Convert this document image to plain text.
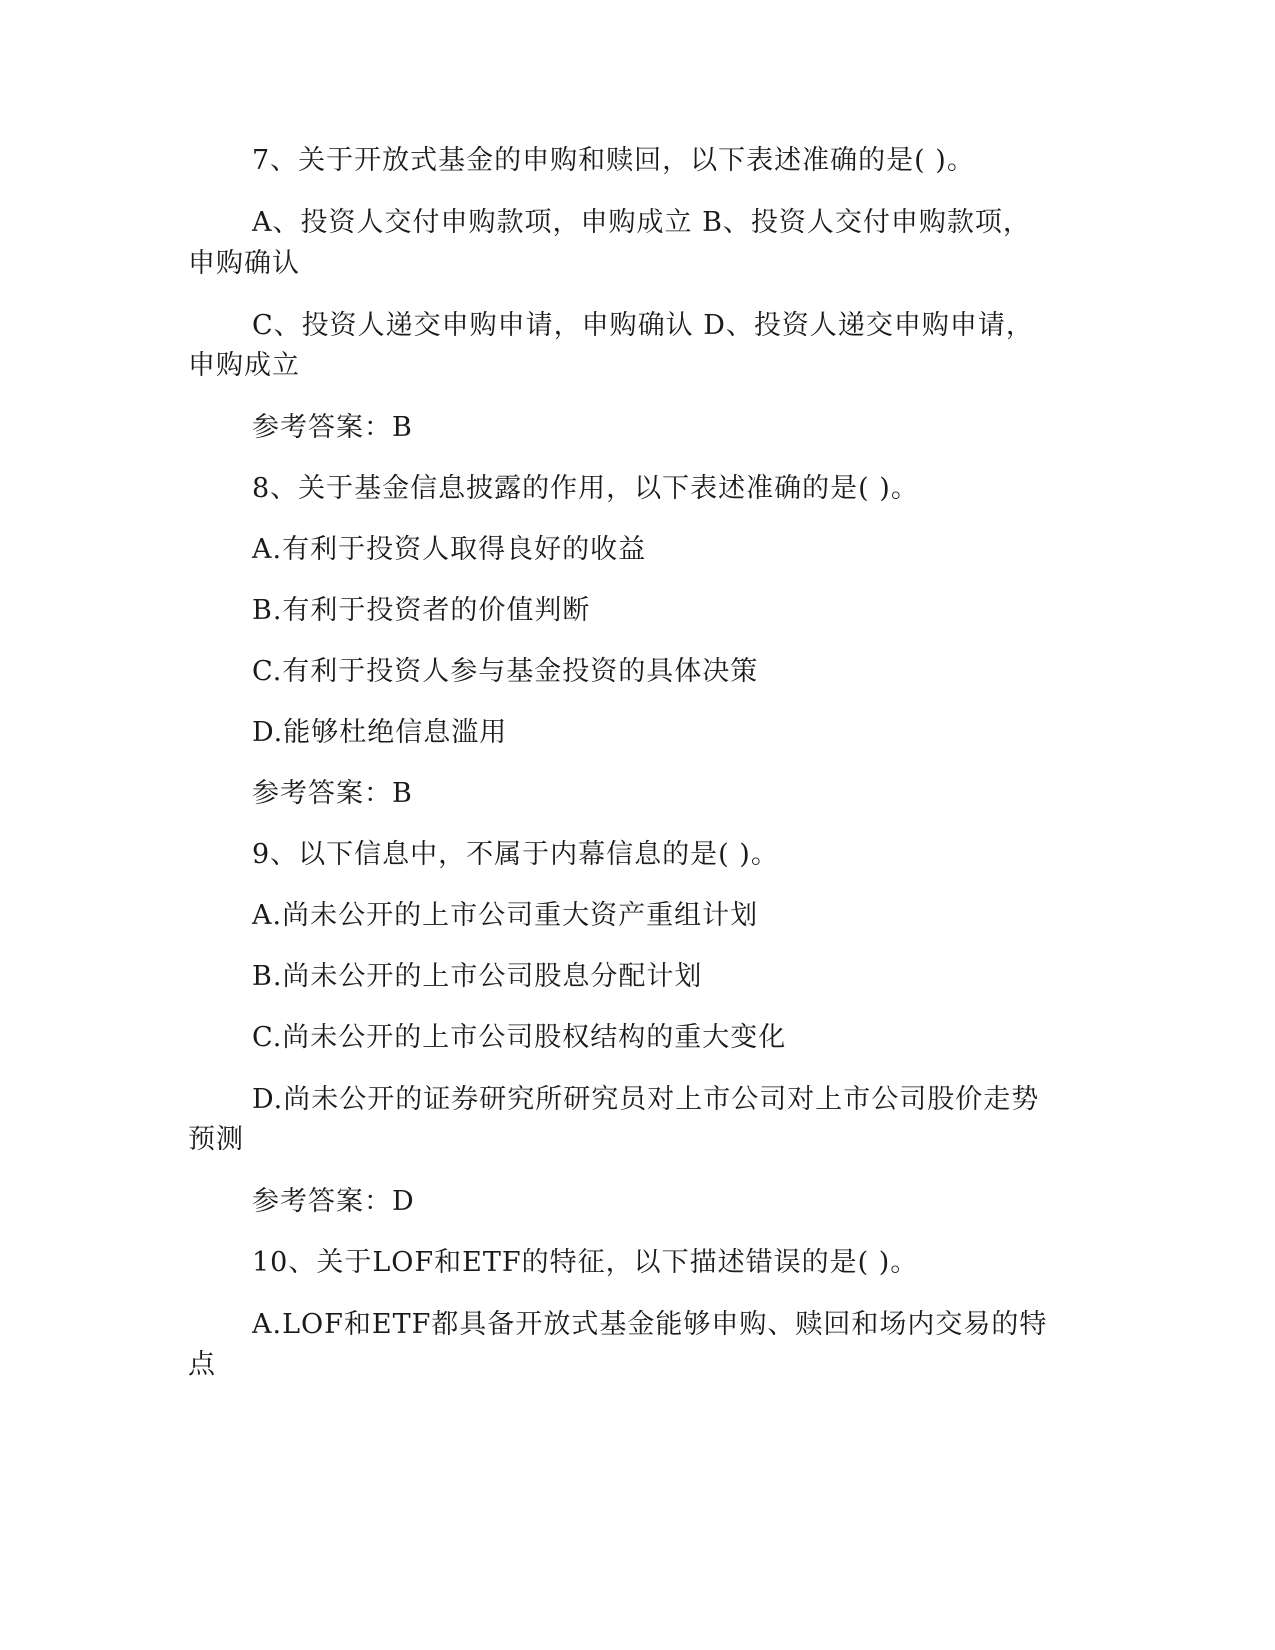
7、关于开放式基金的申购和赎回，以下表述准确的是( )。
A、投资人交付申购款项，申购成立 B、投资人交付申购款项，
申购确认
C、投资人递交申购申请，申购确认 D、投资人递交申购申请，
申购成立
参考答案：B
8、关于基金信息披露的作用，以下表述准确的是( )。
A.有利于投资人取得良好的收益
B.有利于投资者的价值判断
C.有利于投资人参与基金投资的具体决策
D.能够杜绝信息滥用
参考答案：B
9、以下信息中，不属于内幕信息的是( )。
A.尚未公开的上市公司重大资产重组计划
B.尚未公开的上市公司股息分配计划
C.尚未公开的上市公司股权结构的重大变化
D.尚未公开的证券研究所研究员对上市公司对上市公司股价走势
预测
参考答案：D
10、关于LOF和ETF的特征，以下描述错误的是( )。
A.LOF和ETF都具备开放式基金能够申购、赎回和场内交易的特
点
